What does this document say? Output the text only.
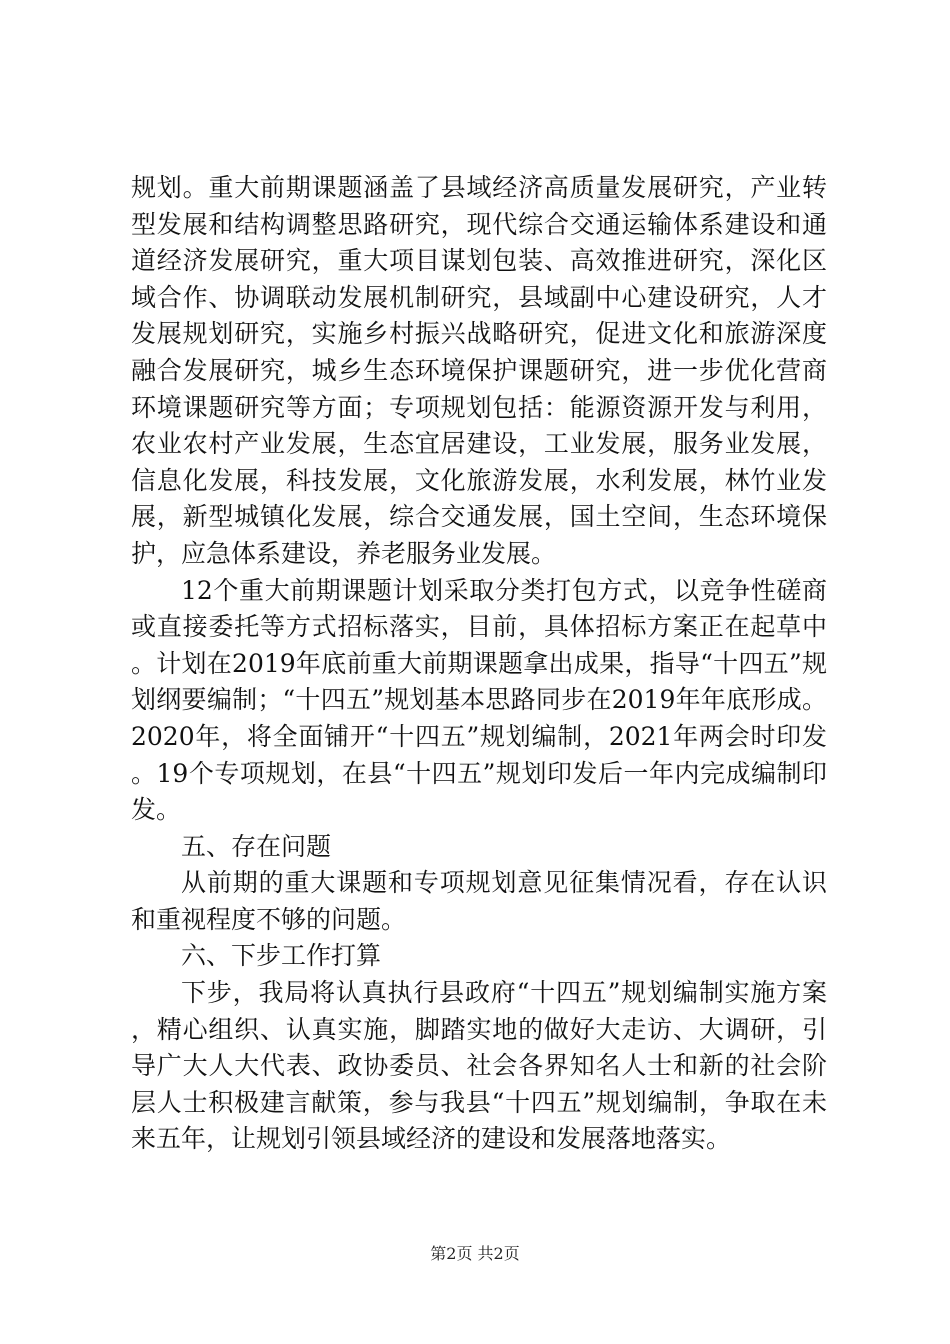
规划。重大前期课题涵盖了县域经济高质量发展研究，产业转型发展和结构调整思路研究，现代综合交通运输体系建设和通道经济发展研究，重大项目谋划包装、高效推进研究，深化区域合作、协调联动发展机制研究，县域副中心建设研究，人才发展规划研究，实施乡村振兴战略研究，促进文化和旅游深度融合发展研究，城乡生态环境保护课题研究，进一步优化营商环境课题研究等方面；专项规划包括：能源资源开发与利用，农业农村产业发展，生态宜居建设，工业发展，服务业发展，信息化发展，科技发展，文化旅游发展，水利发展，林竹业发展，新型城镇化发展，综合交通发展，国土空间，生态环境保护，应急体系建设，养老服务业发展。

12个重大前期课题计划采取分类打包方式，以竞争性磋商或直接委托等方式招标落实，目前，具体招标方案正在起草中。计划在2019年底前重大前期课题拿出成果，指导“十四五”规划纲要编制；“十四五”规划基本思路同步在2019年年底形成。2020年，将全面铺开“十四五”规划编制，2021年两会时印发。19个专项规划，在县“十四五”规划印发后一年内完成编制印发。

五、存在问题

从前期的重大课题和专项规划意见征集情况看，存在认识和重视程度不够的问题。

六、下步工作打算

下步，我局将认真执行县政府“十四五”规划编制实施方案，精心组织、认真实施，脚踏实地的做好大走访、大调研，引导广大人大代表、政协委员、社会各界知名人士和新的社会阶层人士积极建言献策，参与我县“十四五”规划编制，争取在未来五年，让规划引领县域经济的建设和发展落地落实。

第2页 共2页
